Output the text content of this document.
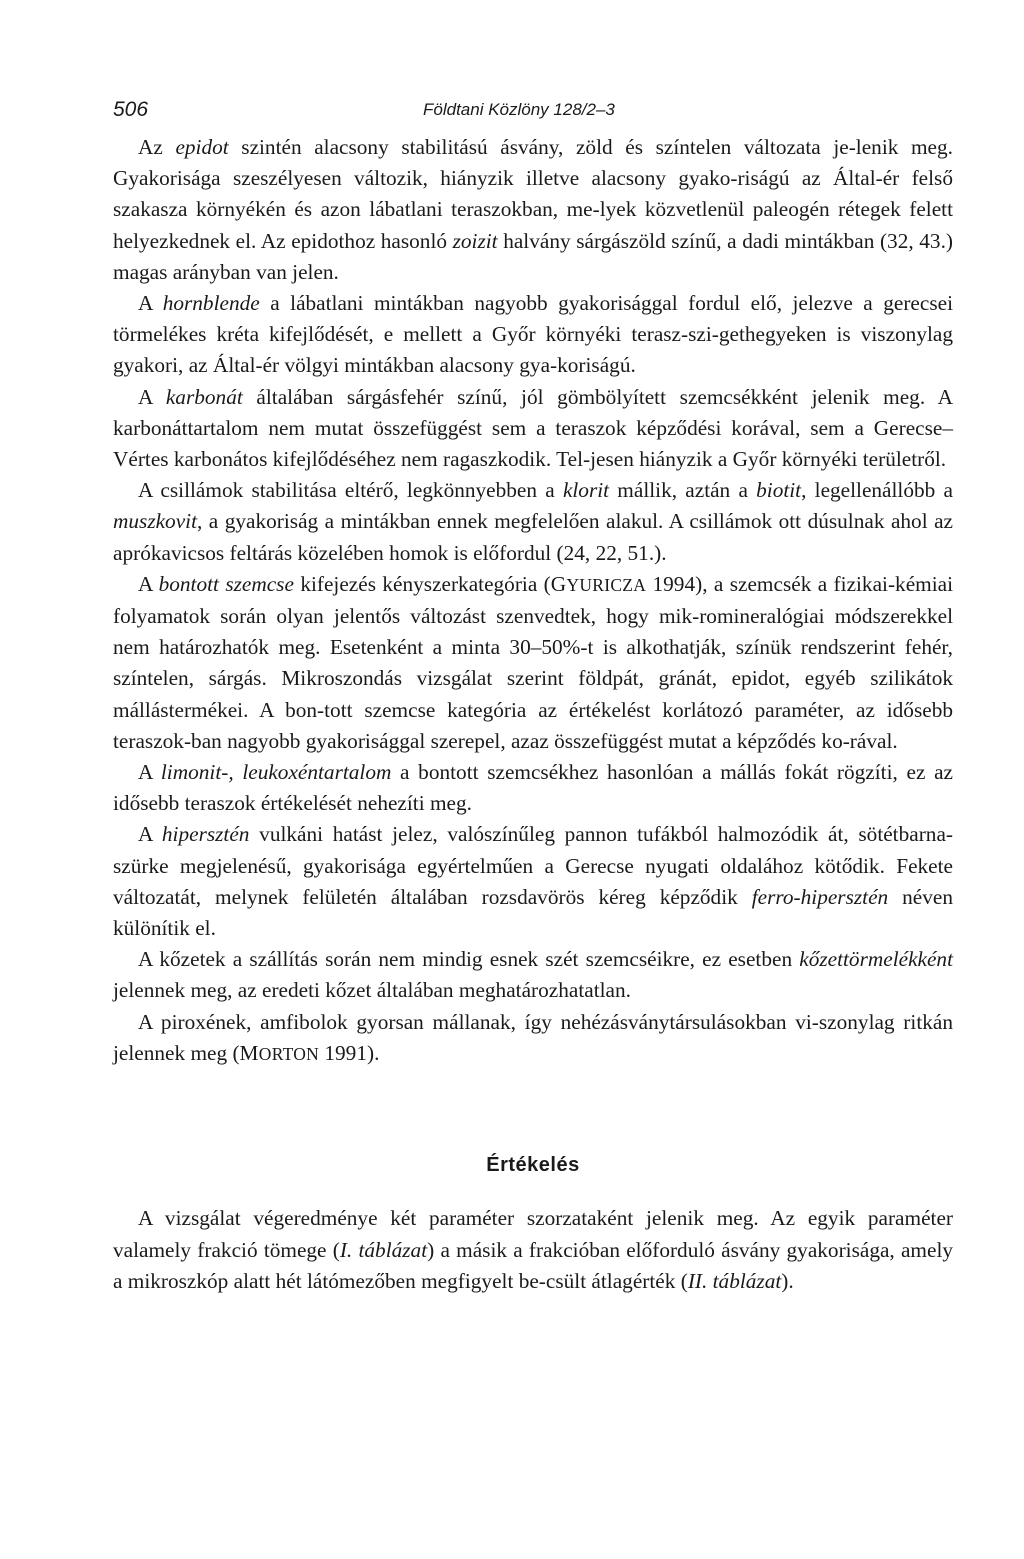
506	Földtani Közlöny 128/2–3

Az epidot szintén alacsony stabilitású ásvány, zöld és színtelen változata je-lenik meg. Gyakorisága szeszélyesen változik, hiányzik illetve alacsony gyako-riságú az Által-ér felső szakasza környékén és azon lábatlani teraszokban, me-lyek közvetlenül paleogén rétegek felett helyezkednek el. Az epidothoz hasonló zoizit halvány sárgászöld színű, a dadi mintákban (32, 43.) magas arányban van jelen.

A hornblende a lábatlani mintákban nagyobb gyakorisággal fordul elő, jelezve a gerecsei törmelékes kréta kifejlődését, e mellett a Győr környéki terasz-szi-gethegyeken is viszonylag gyakori, az Által-ér völgyi mintákban alacsony gya-koriságú.

A karbonát általában sárgásfehér színű, jól gömbölyített szemcsékként jelenik meg. A karbonáttartalom nem mutat összefüggést sem a teraszok képződési korával, sem a Gerecse–Vértes karbonátos kifejlődéséhez nem ragaszkodik. Tel-jesen hiányzik a Győr környéki területről.

A csillámok stabilitása eltérő, legkönnyebben a klorit mállik, aztán a biotit, legellenállóbb a muszkovit, a gyakoriság a mintákban ennek megfelelően alakul. A csillámok ott dúsulnak ahol az aprókavicsos feltárás közelében homok is előfordul (24, 22, 51.).

A bontott szemcse kifejezés kényszerkategória (GYURICZA 1994), a szemcsék a fizikai-kémiai folyamatok során olyan jelentős változást szenvedtek, hogy mik-romineralógiai módszerekkel nem határozhatók meg. Esetenként a minta 30–50%-t is alkothatják, színük rendszerint fehér, színtelen, sárgás. Mikroszondás vizsgálat szerint földpát, gránát, epidot, egyéb szilikátok mállástermékei. A bon-tott szemcse kategória az értékelést korlátozó paraméter, az idősebb teraszok-ban nagyobb gyakorisággal szerepel, azaz összefüggést mutat a képződés ko-rával.

A limonit-, leukoxéntartalom a bontott szemcsékhez hasonlóan a mállás fokát rögzíti, ez az idősebb teraszok értékelését nehezíti meg.

A hipersztén vulkáni hatást jelez, valószínűleg pannon tufákból halmozódik át, sötétbarna-szürke megjelenésű, gyakorisága egyértelműen a Gerecse nyugati oldalához kötődik. Fekete változatát, melynek felületén általában rozsdavörös kéreg képződik ferro-hipersztén néven különítik el.

A kőzetek a szállítás során nem mindig esnek szét szemcséikre, ez esetben kőzettörmelékként jelennek meg, az eredeti kőzet általában meghatározhatatlan.

A piroxének, amfibolok gyorsan mállanak, így nehézásványtársulásokban vi-szonylag ritkán jelennek meg (MORTON 1991).

Értékelés

A vizsgálat végeredménye két paraméter szorzataként jelenik meg. Az egyik paraméter valamely frakció tömege (I. táblázat) a másik a frakcióban előforduló ásvány gyakorisága, amely a mikroszkóp alatt hét látómezőben megfigyelt be-csült átlagérték (II. táblázat).
